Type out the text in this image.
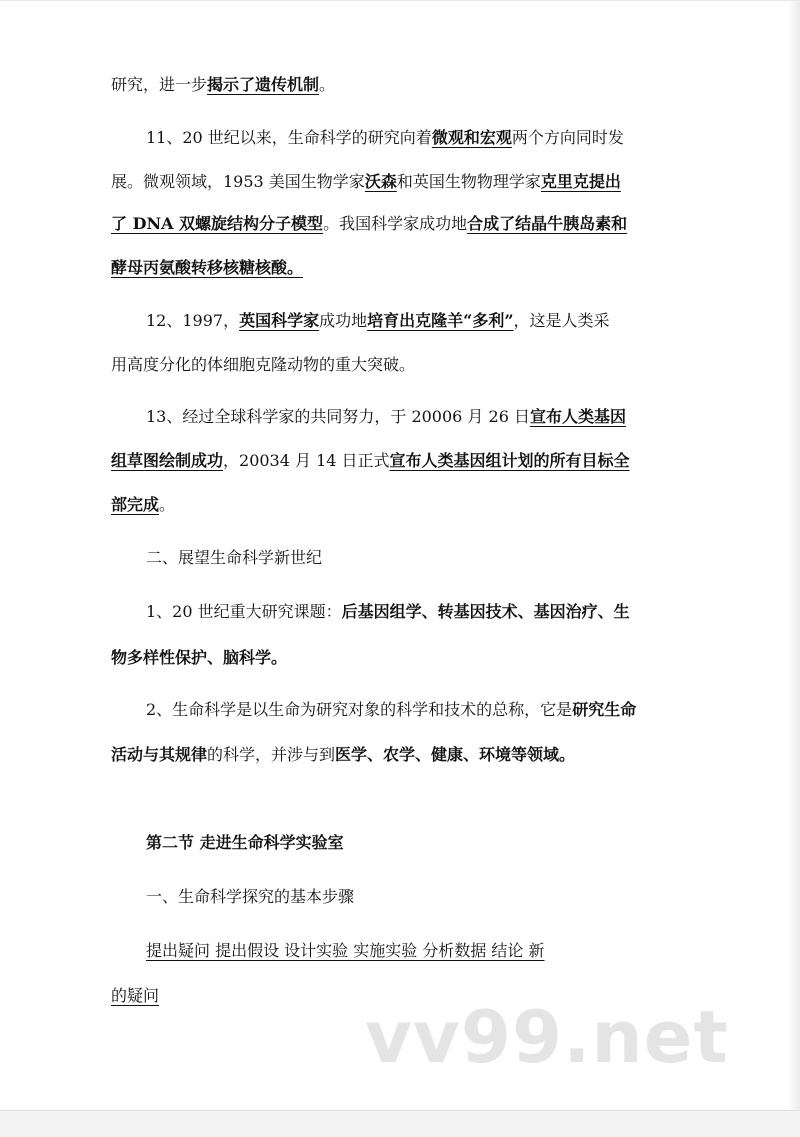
研究，进一步揭示了遗传机制。
11、20 世纪以来，生命科学的研究向着微观和宏观两个方向同时发
展。微观领域，1953 美国生物学家沃森和英国生物物理学家克里克提出
了 DNA 双螺旋结构分子模型。我国科学家成功地合成了结晶牛胰岛素和
酵母丙氨酸转移核糖核酸。
12、1997，英国科学家成功地培育出克隆羊“多利”，这是人类采
用高度分化的体细胞克隆动物的重大突破。
13、经过全球科学家的共同努力，于 20006 月 26 日宣布人类基因
组草图绘制成功，20034 月 14 日正式宣布人类基因组计划的所有目标全
部完成。
二、展望生命科学新世纪
1、20 世纪重大研究课题：后基因组学、转基因技术、基因治疗、生
物多样性保护、脑科学。
2、生命科学是以生命为研究对象的科学和技术的总称，它是研究生命
活动与其规律的科学，并涉与到医学、农学、健康、环境等领域。
第二节 走进生命科学实验室
一、生命科学探究的基本步骤
提出疑问 提出假设 设计实验 实施实验 分析数据 结论 新
的疑问	vv99.net
